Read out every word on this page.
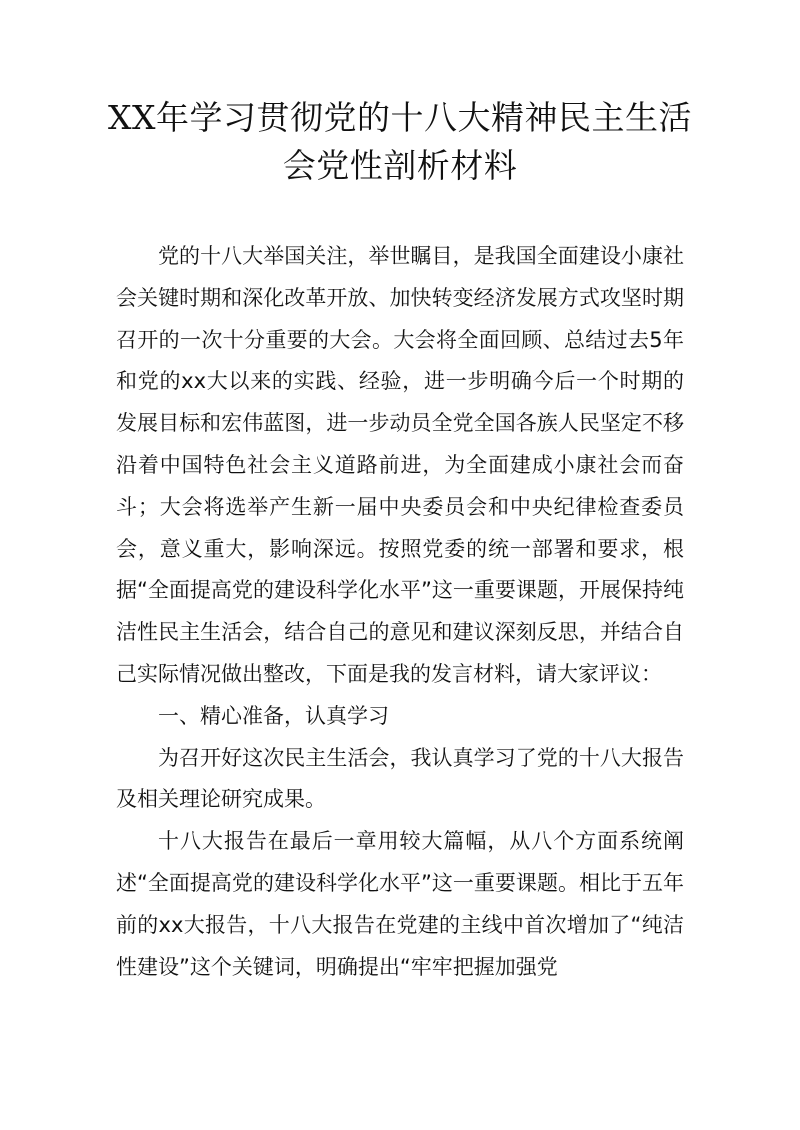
XX年学习贯彻党的十八大精神民主生活会党性剖析材料

党的十八大举国关注，举世瞩目，是我国全面建设小康社会关键时期和深化改革开放、加快转变经济发展方式攻坚时期召开的一次十分重要的大会。大会将全面回顾、总结过去5年和党的xx大以来的实践、经验，进一步明确今后一个时期的发展目标和宏伟蓝图，进一步动员全党全国各族人民坚定不移沿着中国特色社会主义道路前进，为全面建成小康社会而奋斗；大会将选举产生新一届中央委员会和中央纪律检查委员会，意义重大，影响深远。按照党委的统一部署和要求，根据“全面提高党的建设科学化水平”这一重要课题，开展保持纯洁性民主生活会，结合自己的意见和建议深刻反思，并结合自己实际情况做出整改，下面是我的发言材料，请大家评议：

一、精心准备，认真学习

为召开好这次民主生活会，我认真学习了党的十八大报告及相关理论研究成果。

十八大报告在最后一章用较大篇幅，从八个方面系统阐述“全面提高党的建设科学化水平”这一重要课题。相比于五年前的xx大报告，十八大报告在党建的主线中首次增加了“纯洁性建设”这个关键词，明确提出“牢牢把握加强党
